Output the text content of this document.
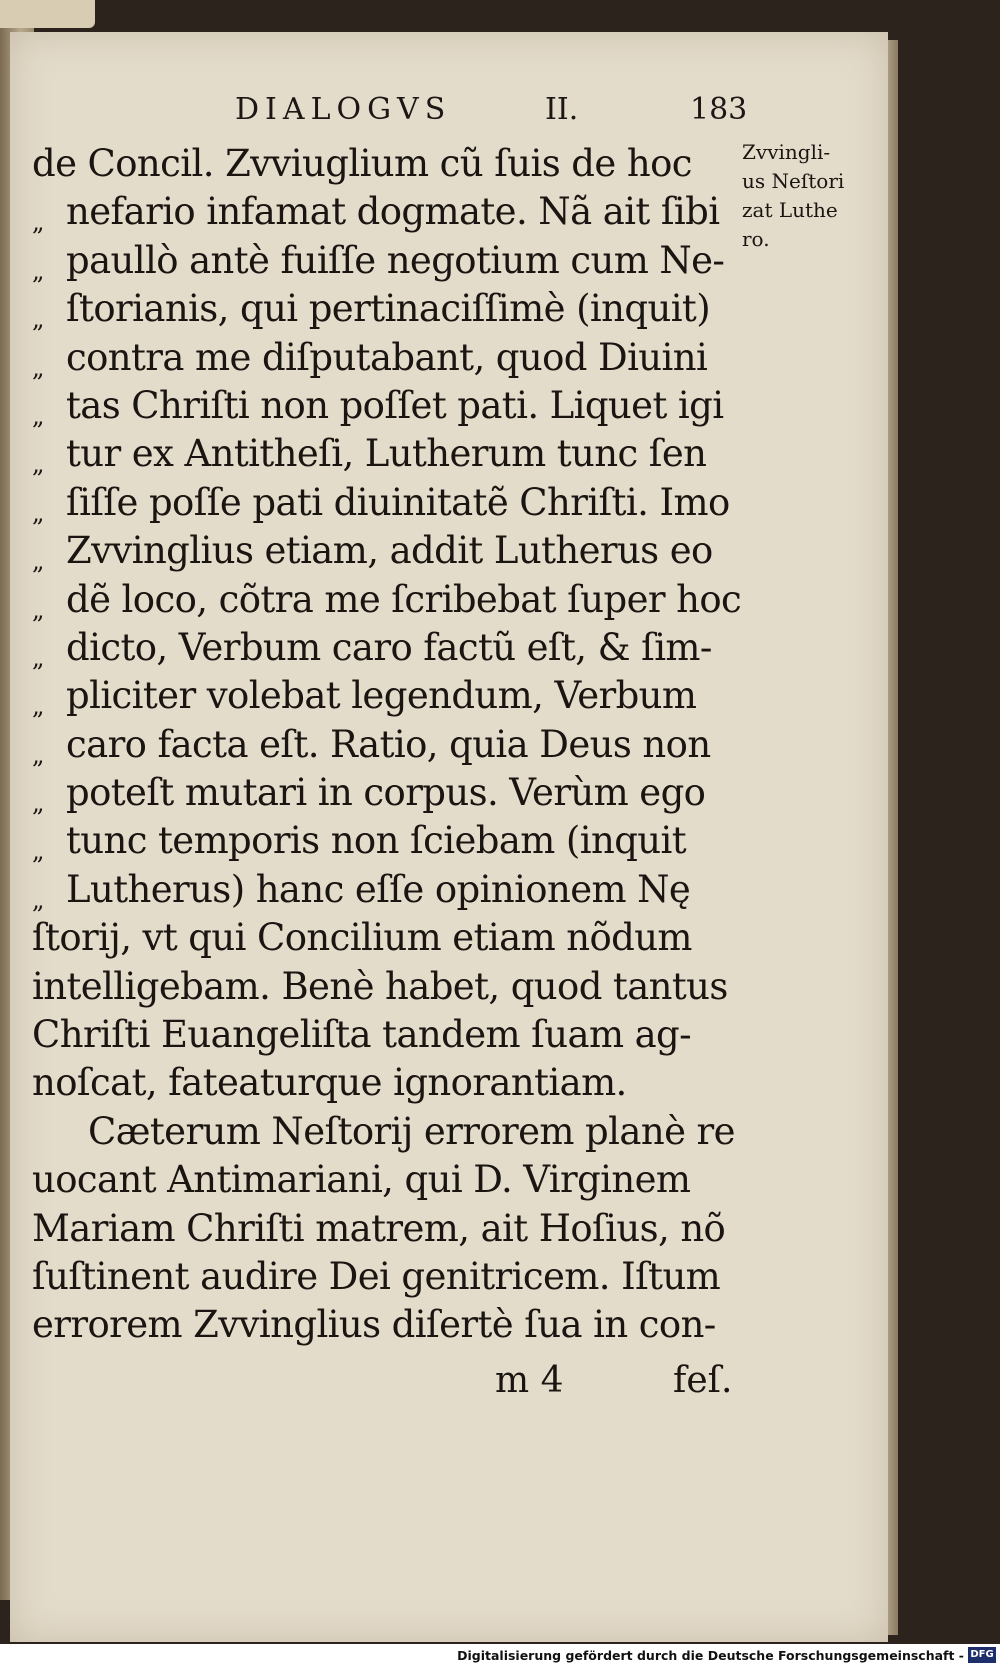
DIALOGVS	II.	183
de Concil. Zvviuglium cũ ſuis de hoc
„ nefario infamat dogmate. Nã ait ſibi
„ paullò antè fuiſſe negotium cum Ne-
„ ſtorianis, qui pertinaciſſimè (inquit)
„ contra me diſputabant, quod Diuini
„ tas Chriſti non poſſet pati. Liquet igi
„ tur ex Antitheſi, Lutherum tunc ſen
„ ſiſſe poſſe pati diuinitatẽ Chriſti. Imo
„ Zvvinglius etiam, addit Lutherus eo
„ dẽ loco, cõtra me ſcribebat ſuper hoc
„ dicto, Verbum caro factũ eſt, & ſim-
„ pliciter volebat legendum, Verbum
„ caro facta eſt. Ratio, quia Deus non
„ poteſt mutari in corpus. Verùm ego
„ tunc temporis non ſciebam (inquit
„ Lutherus) hanc eſſe opinionem Nę
ſtorij, vt qui Concilium etiam nõdum
intelligebam. Benè habet, quod tantus
Chriſti Euangeliſta tandem ſuam ag-
noſcat, fateaturque ignorantiam.
Cæterum Neſtorij errorem planè re
uocant Antimariani, qui D. Virginem
Mariam Chriſti matrem, ait Hoſius, nõ
ſuſtinent audire Dei genitricem. Iſtum
errorem Zvvinglius diſertè ſua in con-
Zvvingli-
us Neſtori
zat Luthe
ro.
m 4	feſ.
Digitalisierung gefördert durch die Deutsche Forschungsgemeinschaft - DFG
